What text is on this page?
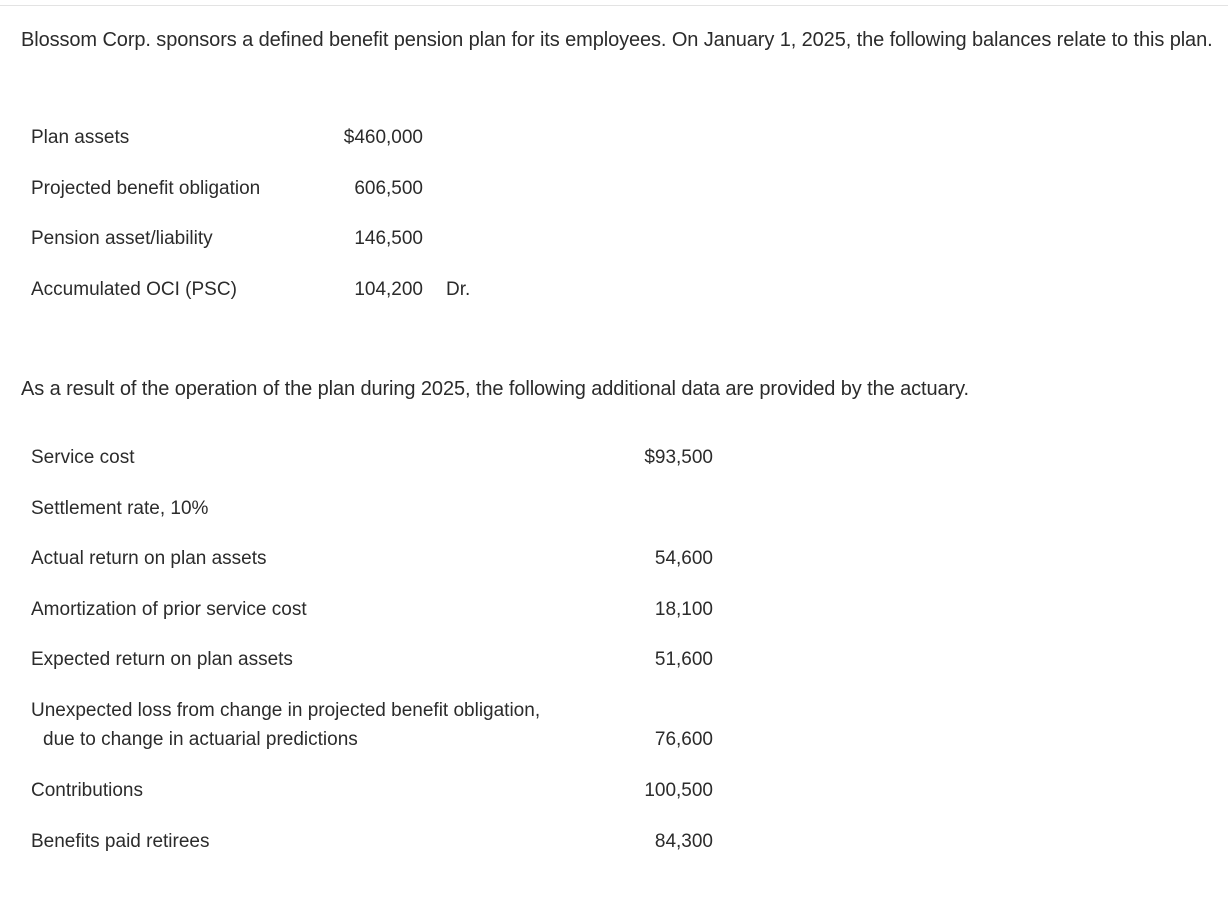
Blossom Corp. sponsors a defined benefit pension plan for its employees. On January 1, 2025, the following balances relate to this plan.

Plan assets	$460,000
Projected benefit obligation	606,500
Pension asset/liability	146,500
Accumulated OCI (PSC)	104,200 Dr.

As a result of the operation of the plan during 2025, the following additional data are provided by the actuary.

Service cost	$93,500
Settlement rate, 10%
Actual return on plan assets	54,600
Amortization of prior service cost	18,100
Expected return on plan assets	51,600
Unexpected loss from change in projected benefit obligation,
due to change in actuarial predictions	76,600
Contributions	100,500
Benefits paid retirees	84,300
